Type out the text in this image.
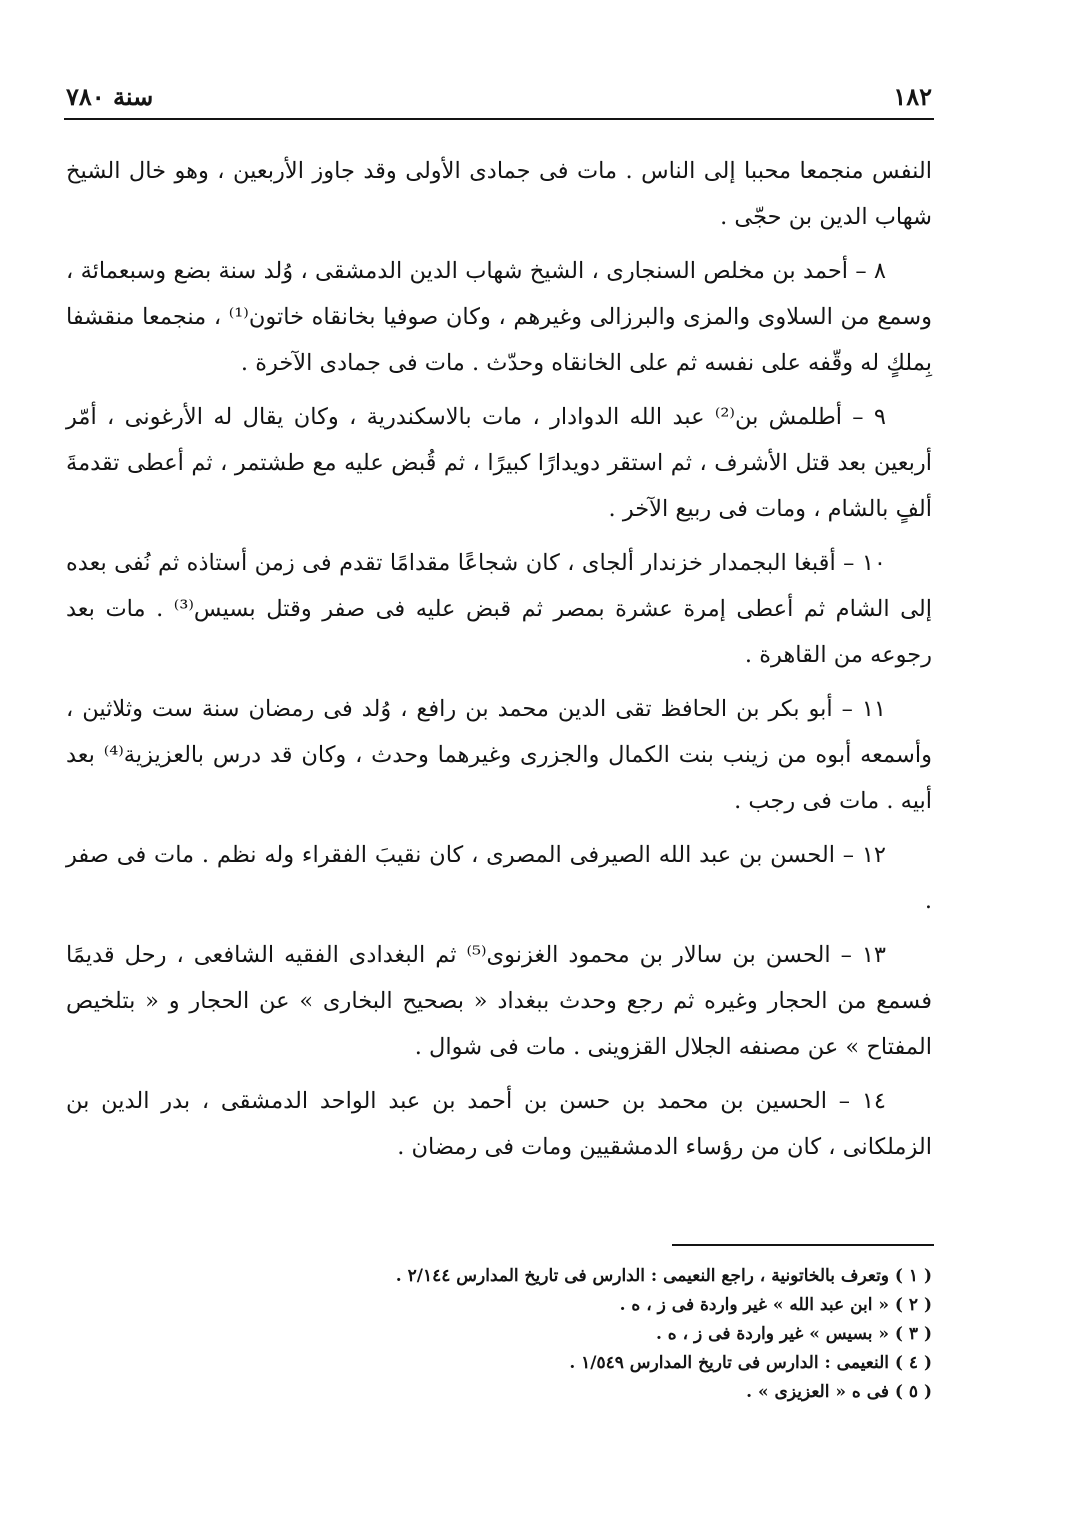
١٨٢
سنة ٧٨٠

النفس منجمعا محببا إلى الناس . مات فى جمادى الأولى وقد جاوز الأربعين ، وهو خال الشيخ شهاب الدين بن حجّى .

٨ – أحمد بن مخلص السنجارى ، الشيخ شهاب الدين الدمشقى ، وُلد سنة بضع وسبعمائة ، وسمع من السلاوى والمزى والبرزالى وغيرهم ، وكان صوفيا بخانقاه خاتون⁽¹⁾ ، منجمعا منقشفا بِملكٍ له وقّفه على نفسه ثم على الخانقاه وحدّث . مات فى جمادى الآخرة .

٩ – أطلمش بن⁽²⁾ عبد الله الدوادار ، مات بالاسكندرية ، وكان يقال له الأرغونى ، أمّر أربعين بعد قتل الأشرف ، ثم استقر دويدارًا كبيرًا ، ثم قُبض عليه مع طشتمر ، ثم أعطى تقدمةَ ألفٍ بالشام ، ومات فى ربيع الآخر .

١٠ – أقبغا البجمدار خزندار ألجاى ، كان شجاعًا مقدامًا تقدم فى زمن أستاذه ثم نُفى بعده إلى الشام ثم أعطى إمرة عشرة بمصر ثم قبض عليه فى صفر وقتل بسيس⁽³⁾ . مات بعد رجوعه من القاهرة .

١١ – أبو بكر بن الحافظ تقى الدين محمد بن رافع ، وُلد فى رمضان سنة ست وثلاثين ، وأسمعه أبوه من زينب بنت الكمال والجزرى وغيرهما وحدث ، وكان قد درس بالعزيزية⁽⁴⁾ بعد أبيه . مات فى رجب .

١٢ – الحسن بن عبد الله الصيرفى المصرى ، كان نقيبَ الفقراء وله نظم . مات فى صفر .

١٣ – الحسن بن سالار بن محمود الغزنوى⁽⁵⁾ ثم البغدادى الفقيه الشافعى ، رحل قديمًا فسمع من الحجار وغيره ثم رجع وحدث ببغداد « بصحيح البخارى » عن الحجار و « بتلخيص المفتاح » عن مصنفه الجلال القزوينى . مات فى شوال .

١٤ – الحسين بن محمد بن حسن بن أحمد بن عبد الواحد الدمشقى ، بدر الدين بن الزملكانى ، كان من رؤساء الدمشقيين ومات فى رمضان .

( ١ ) وتعرف بالخاتونية ، راجع النعيمى : الدارس فى تاريخ المدارس ٢/١٤٤ .
( ٢ ) « ابن عبد الله » غير واردة فى ز ، ه .
( ٣ ) « بسيس » غير واردة فى ز ، ه .
( ٤ ) النعيمى : الدارس فى تاريخ المدارس ١/٥٤٩ .
( ٥ ) فى ه « العزيزى » .
